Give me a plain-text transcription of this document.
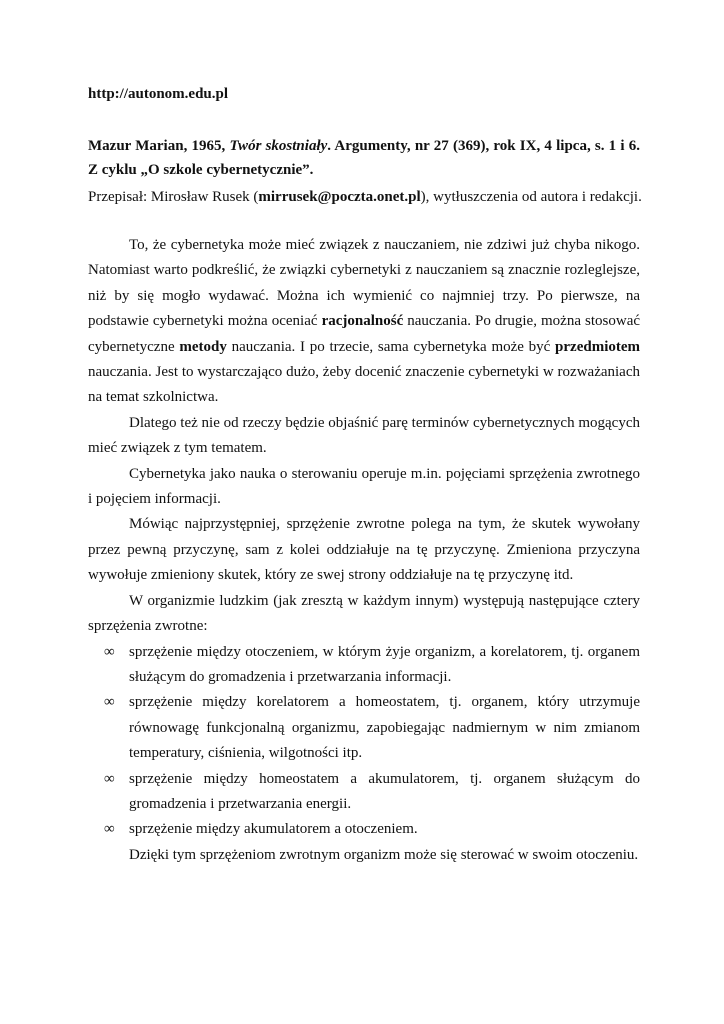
http://autonom.edu.pl
Mazur Marian, 1965, Twór skostniały. Argumenty, nr 27 (369), rok IX, 4 lipca, s. 1 i 6. Z cyklu „O szkole cybernetycznie”.
Przepisał: Mirosław Rusek (mirrusek@poczta.onet.pl), wytłuszczenia od autora i redakcji.

To, że cybernetyka może mieć związek z nauczaniem, nie zdziwi już chyba nikogo. Natomiast warto podkreślić, że związki cybernetyki z nauczaniem są znacznie rozleglejsze, niż by się mogło wydawać. Można ich wymienić co najmniej trzy. Po pierwsze, na podstawie cybernetyki można oceniać racjonalność nauczania. Po drugie, można stosować cybernetyczne metody nauczania. I po trzecie, sama cybernetyka może być przedmiotem nauczania. Jest to wystarczająco dużo, żeby docenić znaczenie cybernetyki w rozważaniach na temat szkolnictwa.

Dlatego też nie od rzeczy będzie objaśnić parę terminów cybernetycznych mogących mieć związek z tym tematem.

Cybernetyka jako nauka o sterowaniu operuje m.in. pojęciami sprzężenia zwrotnego i pojęciem informacji.

Mówiąc najprzystępniej, sprzężenie zwrotne polega na tym, że skutek wywołany przez pewną przyczynę, sam z kolei oddziałuje na tę przyczynę. Zmieniona przyczyna wywołuje zmieniony skutek, który ze swej strony oddziałuje na tę przyczynę itd.

W organizmie ludzkim (jak zresztą w każdym innym) występują następujące cztery sprzężenia zwrotne:

∞ sprzężenie między otoczeniem, w którym żyje organizm, a korelatorem, tj. organem służącym do gromadzenia i przetwarzania informacji.
∞ sprzężenie między korelatorem a homeostatem, tj. organem, który utrzymuje równowagę funkcjonalną organizmu, zapobiegając nadmiernym w nim zmianom temperatury, ciśnienia, wilgotności itp.
∞ sprzężenie między homeostatem a akumulatorem, tj. organem służącym do gromadzenia i przetwarzania energii.
∞ sprzężenie między akumulatorem a otoczeniem.

Dzięki tym sprzężeniom zwrotnym organizm może się sterować w swoim otoczeniu.
